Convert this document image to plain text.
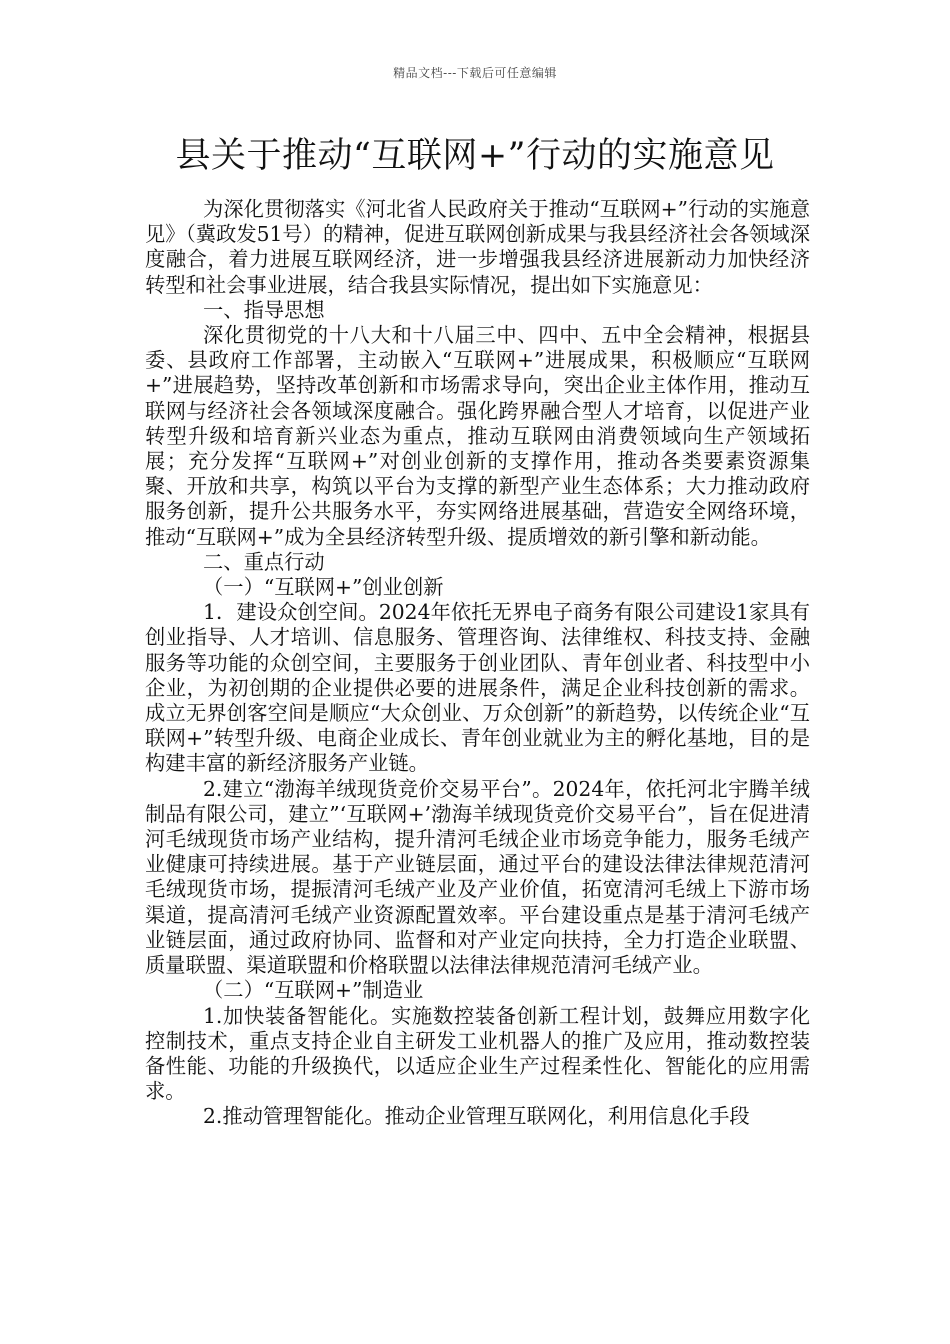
精品文档---下载后可任意编辑
县关于推动“互联网+”行动的实施意见

为深化贯彻落实《河北省人民政府关于推动“互联网+”行动的实施意见》（冀政发51号）的精神，促进互联网创新成果与我县经济社会各领域深度融合，着力进展互联网经济，进一步增强我县经济进展新动力加快经济转型和社会事业进展，结合我县实际情况，提出如下实施意见：

一、指导思想

深化贯彻党的十八大和十八届三中、四中、五中全会精神，根据县委、县政府工作部署，主动嵌入“互联网+”进展成果，积极顺应“互联网+”进展趋势，坚持改革创新和市场需求导向，突出企业主体作用，推动互联网与经济社会各领域深度融合。强化跨界融合型人才培育，以促进产业转型升级和培育新兴业态为重点，推动互联网由消费领域向生产领域拓展；充分发挥“互联网+”对创业创新的支撑作用，推动各类要素资源集聚、开放和共享，构筑以平台为支撑的新型产业生态体系；大力推动政府服务创新，提升公共服务水平，夯实网络进展基础，营造安全网络环境，推动“互联网+”成为全县经济转型升级、提质增效的新引擎和新动能。

二、重点行动

（一）“互联网+”创业创新

1．建设众创空间。2024年依托无界电子商务有限公司建设1家具有创业指导、人才培训、信息服务、管理咨询、法律维权、科技支持、金融服务等功能的众创空间，主要服务于创业团队、青年创业者、科技型中小企业，为初创期的企业提供必要的进展条件，满足企业科技创新的需求。成立无界创客空间是顺应“大众创业、万众创新”的新趋势，以传统企业“互联网+”转型升级、电商企业成长、青年创业就业为主的孵化基地，目的是构建丰富的新经济服务产业链。

2.建立“渤海羊绒现货竞价交易平台”。2024年，依托河北宇腾羊绒制品有限公司，建立”‘互联网+’渤海羊绒现货竞价交易平台”，旨在促进清河毛绒现货市场产业结构，提升清河毛绒企业市场竞争能力，服务毛绒产业健康可持续进展。基于产业链层面，通过平台的建设法律法律规范清河毛绒现货市场，提振清河毛绒产业及产业价值，拓宽清河毛绒上下游市场渠道，提高清河毛绒产业资源配置效率。平台建设重点是基于清河毛绒产业链层面，通过政府协同、监督和对产业定向扶持，全力打造企业联盟、质量联盟、渠道联盟和价格联盟以法律法律规范清河毛绒产业。

（二）“互联网+”制造业

1.加快装备智能化。实施数控装备创新工程计划，鼓舞应用数字化控制技术，重点支持企业自主研发工业机器人的推广及应用，推动数控装备性能、功能的升级换代，以适应企业生产过程柔性化、智能化的应用需求。

2.推动管理智能化。推动企业管理互联网化，利用信息化手段
